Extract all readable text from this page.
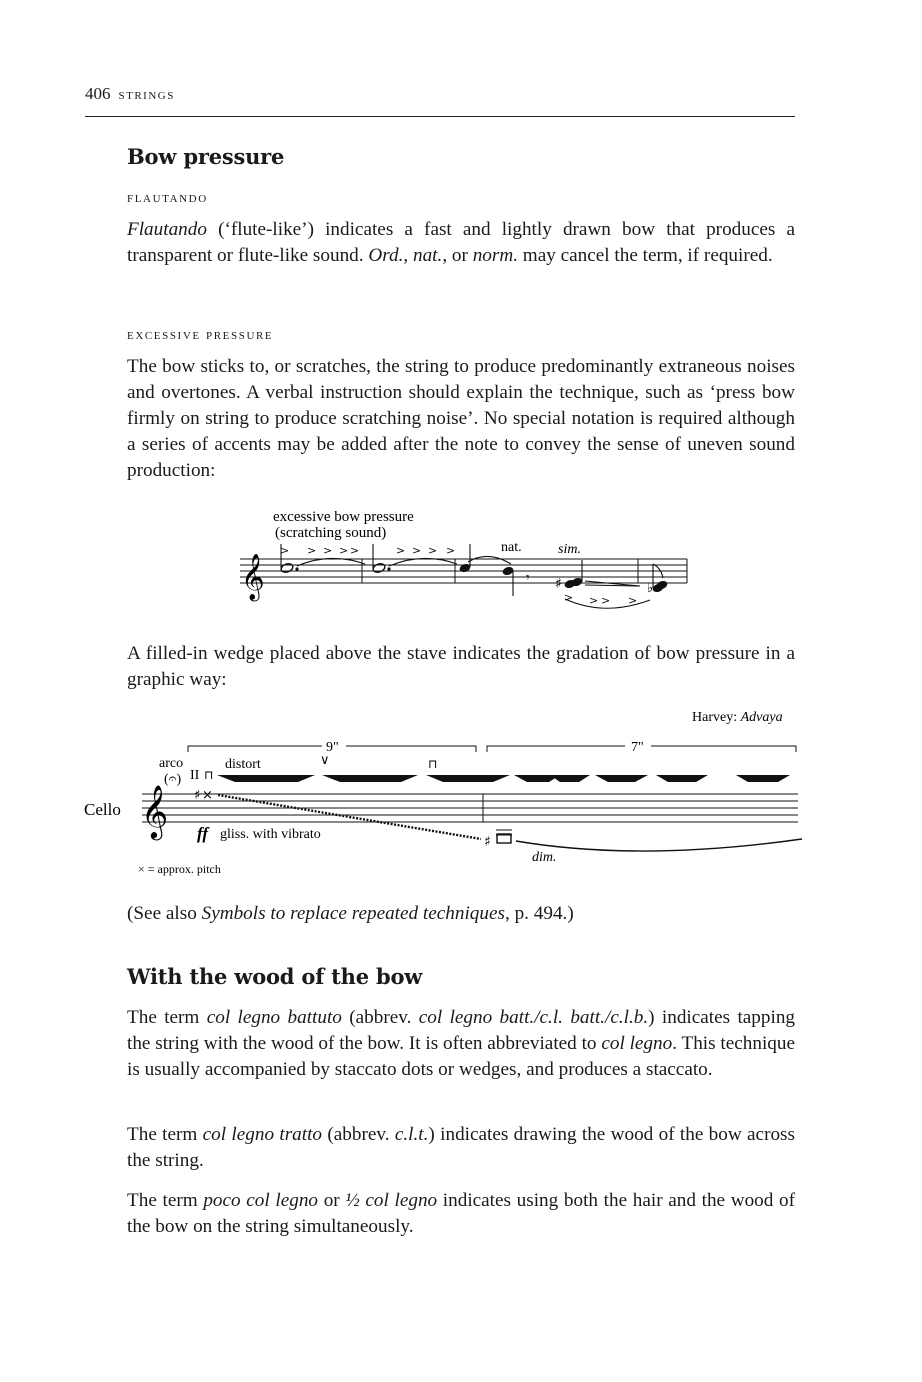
406 strings
Bow pressure
flautando

Flautando (‘flute-like’) indicates a fast and lightly drawn bow that produces a transparent or flute-like sound. Ord., nat., or norm. may cancel the term, if required.

excessive pressure

The bow sticks to, or scratches, the string to produce predominantly extraneous noises and overtones. A verbal instruction should explain the technique, such as ‘press bow firmly on string to produce scratching noise’. No special notation is required although a series of accents may be added after the note to convey the sense of uneven sound production:

excessive bow pressure
(scratching sound)
nat.	sim.
𝄞
> > > > >	> > > >
> > > >
𝄾 ♯	♭

A filled-in wedge placed above the stave indicates the gradation of bow pressure in a graphic way:

Harvey: Advaya
9"	7"
arco	distort
(𝄐) II ⊓
∨	⊓
Cello 𝄞 ♯ ×
♯
ff gliss. with vibrato
dim.
× = approx. pitch

(See also Symbols to replace repeated techniques, p. 494.)

With the wood of the bow

The term col legno battuto (abbrev. col legno batt./c.l. batt./c.l.b.) indicates tapping the string with the wood of the bow. It is often abbreviated to col legno. This technique is usually accompanied by staccato dots or wedges, and produces a staccato.

The term col legno tratto (abbrev. c.l.t.) indicates drawing the wood of the bow across the string.

The term poco col legno or ½ col legno indicates using both the hair and the wood of the bow on the string simultaneously.
